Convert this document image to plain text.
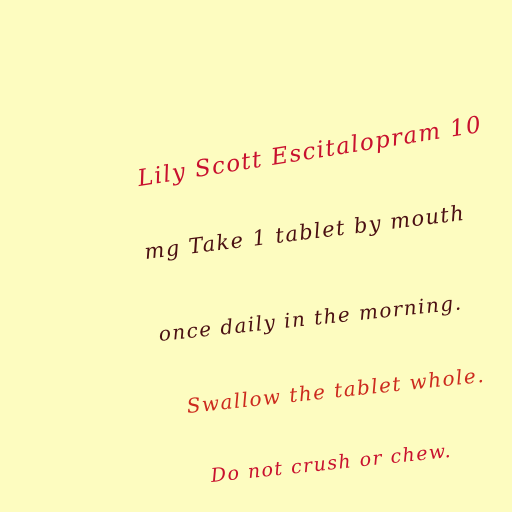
Lily Scott Escitalopram 10
mg Take 1 tablet by mouth
once daily in the morning.
Swallow the tablet whole.
Do not crush or chew.
